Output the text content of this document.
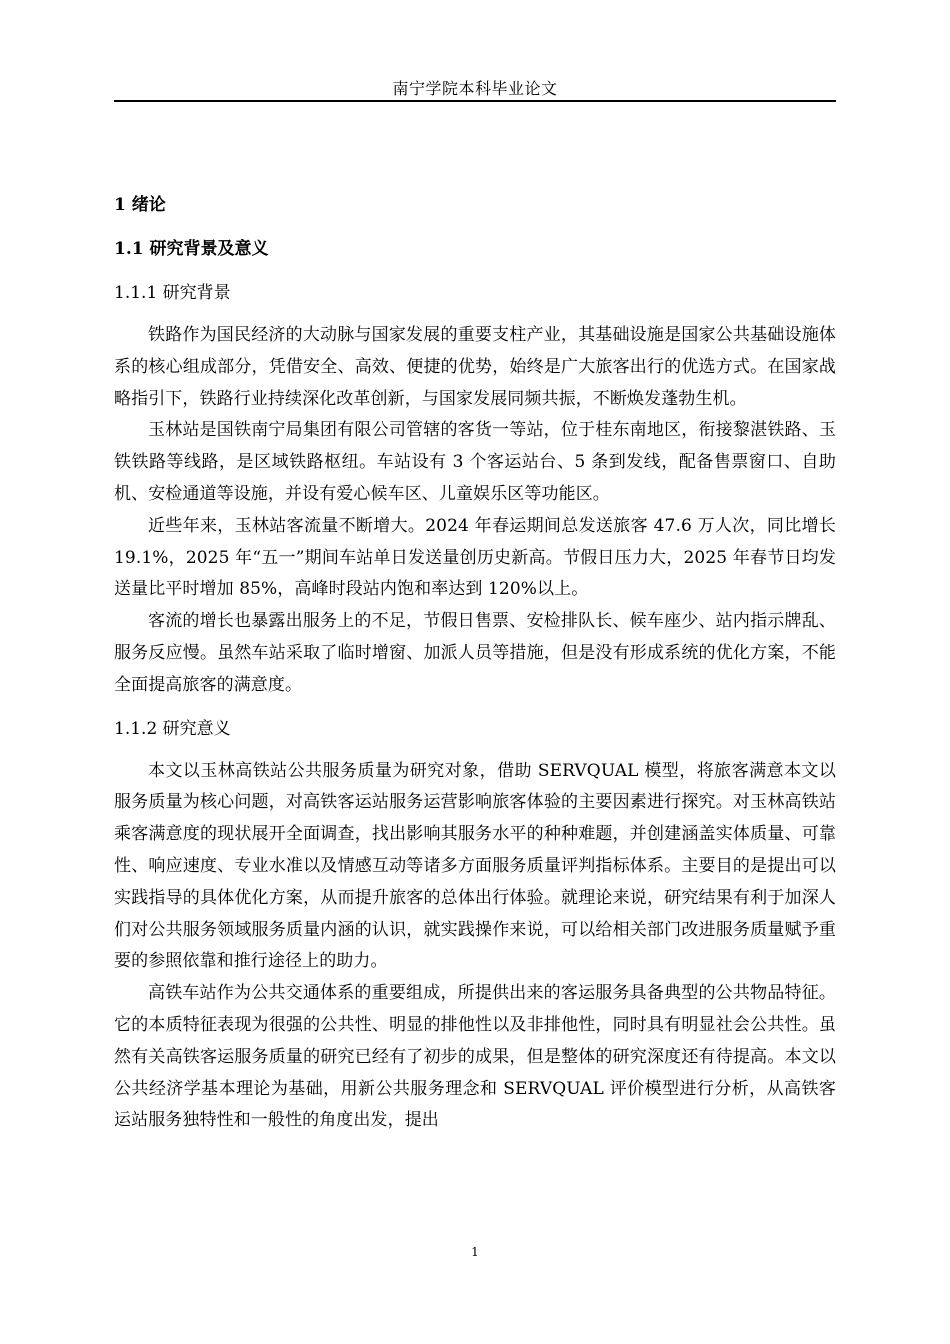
南宁学院本科毕业论文
1 绪论
1.1 研究背景及意义
1.1.1 研究背景

铁路作为国民经济的大动脉与国家发展的重要支柱产业，其基础设施是国家公共基础设施体系的核心组成部分，凭借安全、高效、便捷的优势，始终是广大旅客出行的优选方式。在国家战略指引下，铁路行业持续深化改革创新，与国家发展同频共振，不断焕发蓬勃生机。

玉林站是国铁南宁局集团有限公司管辖的客货一等站，位于桂东南地区，衔接黎湛铁路、玉铁铁路等线路，是区域铁路枢纽。车站设有 3 个客运站台、5 条到发线，配备售票窗口、自助机、安检通道等设施，并设有爱心候车区、儿童娱乐区等功能区。

近些年来，玉林站客流量不断增大。2024 年春运期间总发送旅客 47.6 万人次，同比增长 19.1%，2025 年“五一”期间车站单日发送量创历史新高。节假日压力大，2025 年春节日均发送量比平时增加 85%，高峰时段站内饱和率达到 120%以上。

客流的增长也暴露出服务上的不足，节假日售票、安检排队长、候车座少、站内指示牌乱、服务反应慢。虽然车站采取了临时增窗、加派人员等措施，但是没有形成系统的优化方案，不能全面提高旅客的满意度。

1.1.2 研究意义

本文以玉林高铁站公共服务质量为研究对象，借助 SERVQUAL 模型，将旅客满意本文以服务质量为核心问题，对高铁客运站服务运营影响旅客体验的主要因素进行探究。对玉林高铁站乘客满意度的现状展开全面调查，找出影响其服务水平的种种难题，并创建涵盖实体质量、可靠性、响应速度、专业水准以及情感互动等诸多方面服务质量评判指标体系。主要目的是提出可以实践指导的具体优化方案，从而提升旅客的总体出行体验。就理论来说，研究结果有利于加深人们对公共服务领域服务质量内涵的认识，就实践操作来说，可以给相关部门改进服务质量赋予重要的参照依靠和推行途径上的助力。

高铁车站作为公共交通体系的重要组成，所提供出来的客运服务具备典型的公共物品特征。它的本质特征表现为很强的公共性、明显的排他性以及非排他性，同时具有明显社会公共性。虽然有关高铁客运服务质量的研究已经有了初步的成果，但是整体的研究深度还有待提高。本文以公共经济学基本理论为基础，用新公共服务理念和 SERVQUAL 评价模型进行分析，从高铁客运站服务独特性和一般性的角度出发，提出

1
